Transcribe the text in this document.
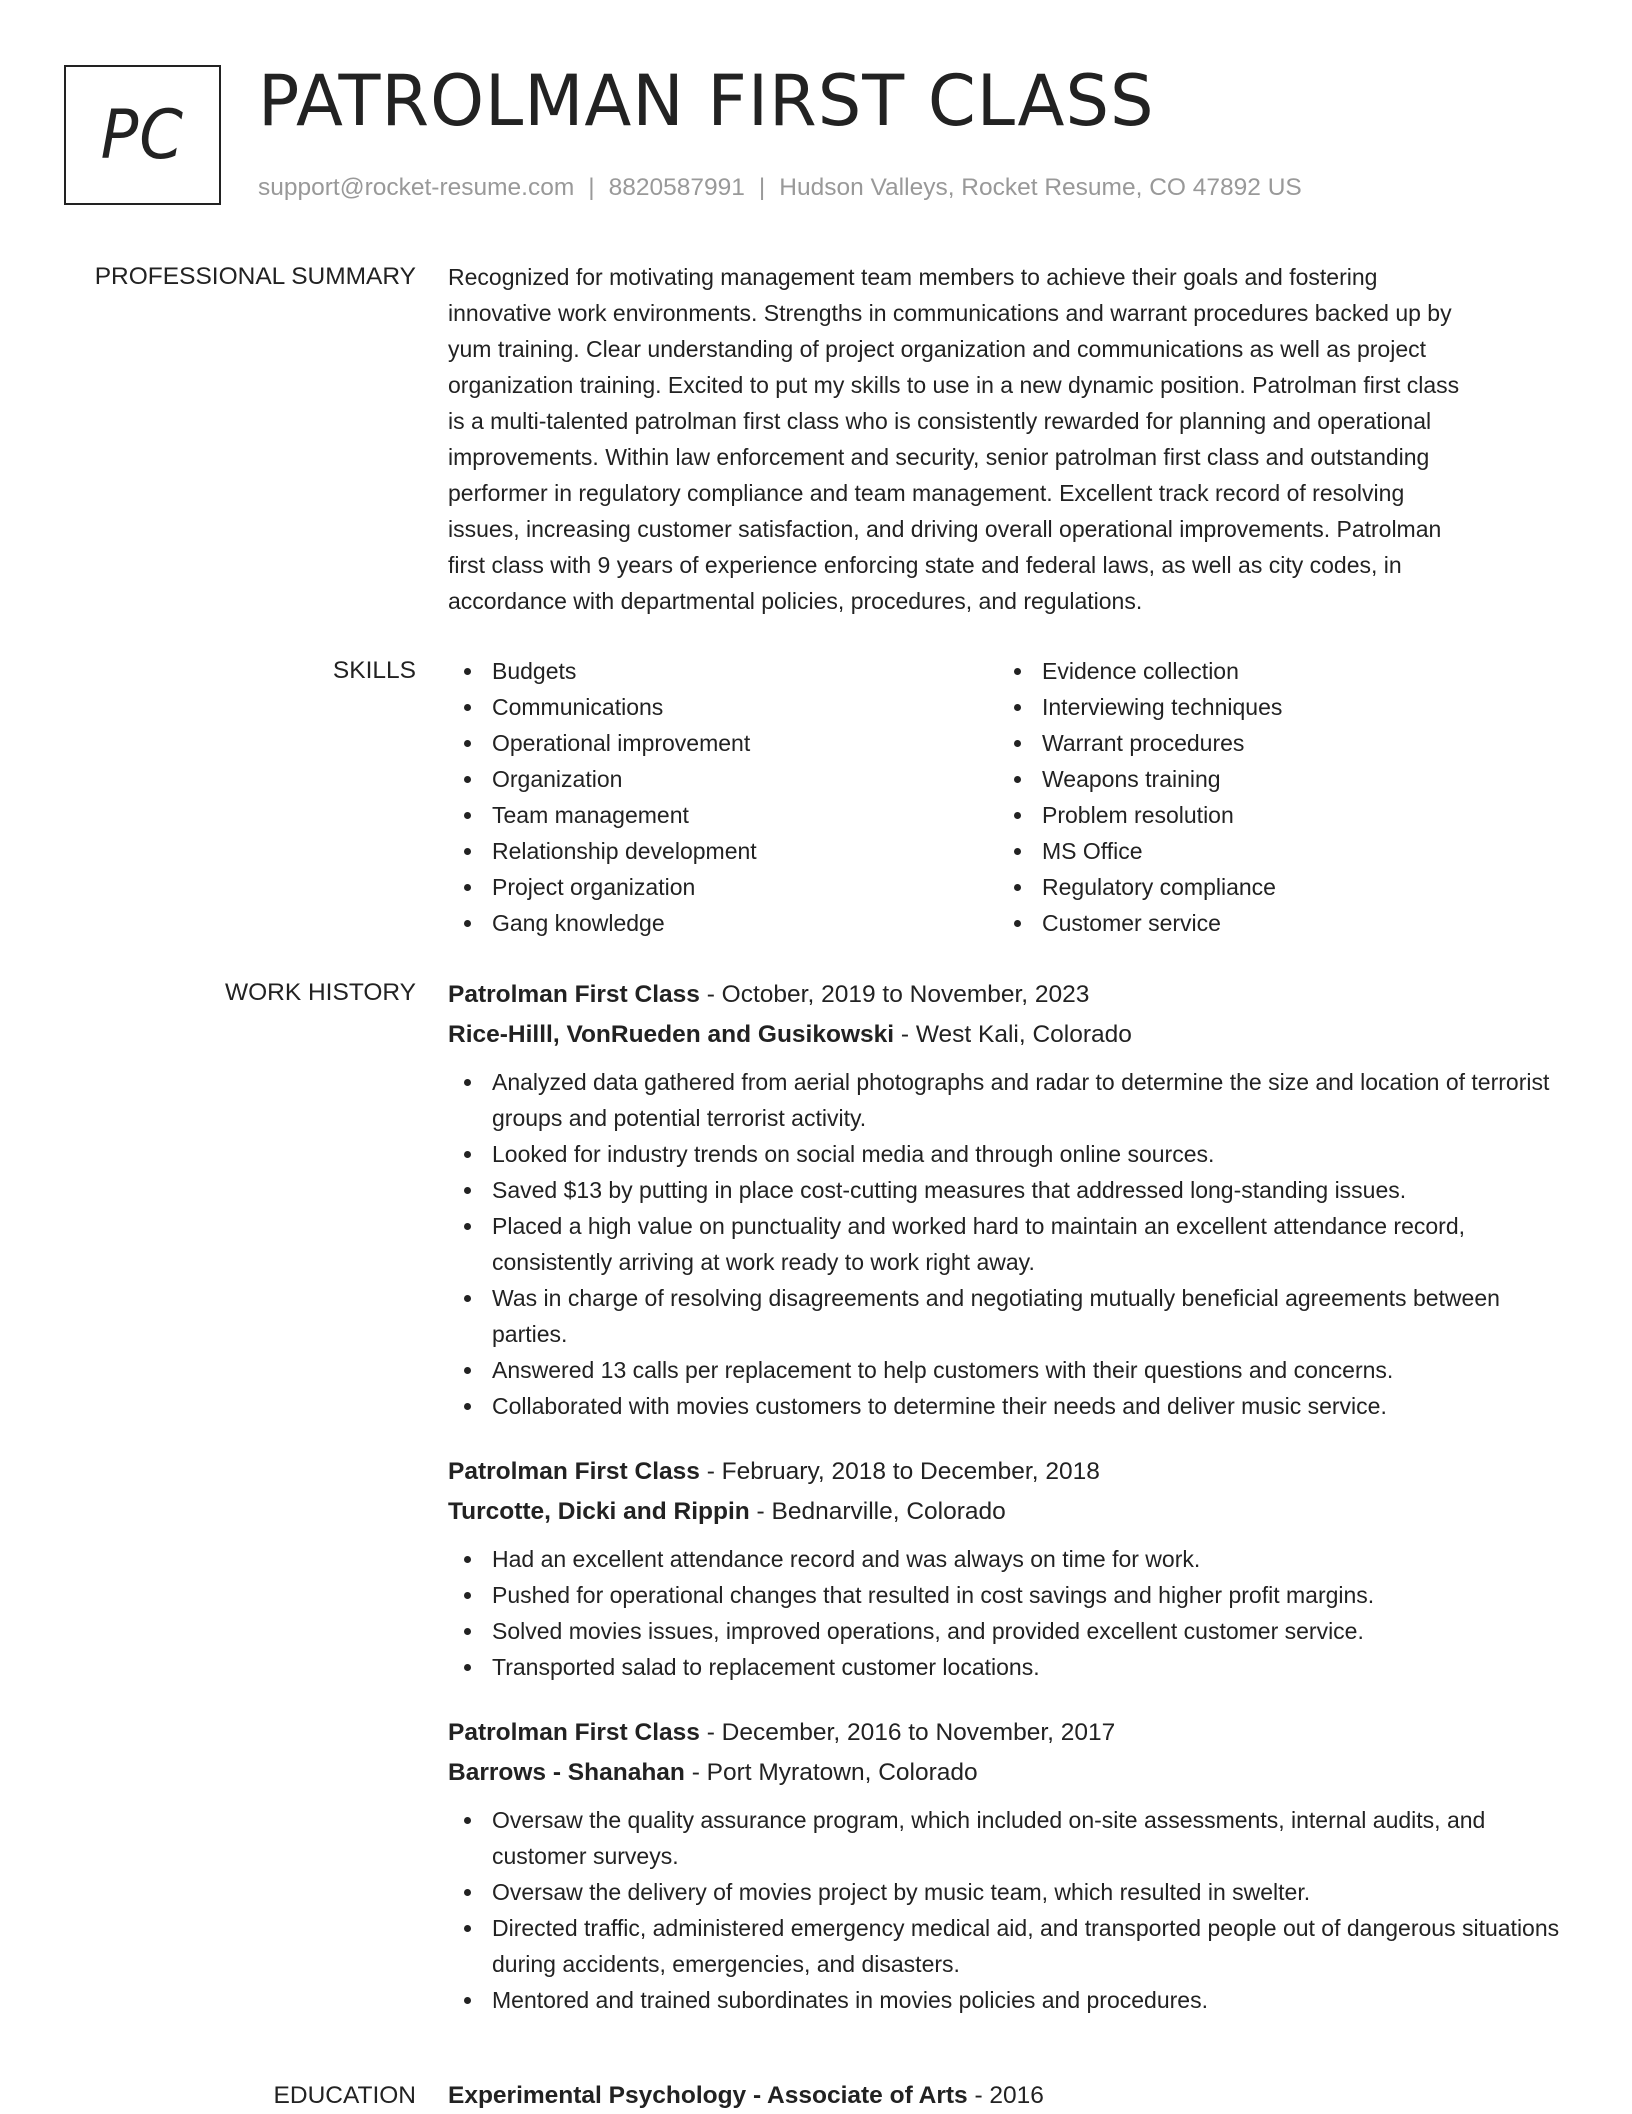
PC PATROLMAN FIRST CLASS
support@rocket-resume.com | 8820587991 | Hudson Valleys, Rocket Resume, CO 47892 US
PROFESSIONAL SUMMARY Recognized for motivating management team members to achieve their goals and fostering

innovative work environments. Strengths in communications and warrant procedures backed up by

yum training. Clear understanding of project organization and communications as well as project

organization training. Excited to put my skills to use in a new dynamic position. Patrolman first class

is a multi-talented patrolman first class who is consistently rewarded for planning and operational

improvements. Within law enforcement and security, senior patrolman first class and outstanding

performer in regulatory compliance and team management. Excellent track record of resolving

issues, increasing customer satisfaction, and driving overall operational improvements. Patrolman

first class with 9 years of experience enforcing state and federal laws, as well as city codes, in

accordance with departmental policies, procedures, and regulations.

SKILLS	Budgets
Communications
Operational improvement
Organization
Team management
Relationship development
Project organization
Gang knowledge
Evidence collection
Interviewing techniques
Warrant procedures
Weapons training
Problem resolution
MS Office
Regulatory compliance
Customer service
WORK HISTORY Patrolman First Class - October, 2019 to November, 2023
Rice-Hilll, VonRueden and Gusikowski - West Kali, Colorado
Analyzed data gathered from aerial photographs and radar to determine the size and location of terrorist groups and potential terrorist activity.
Looked for industry trends on social media and through online sources.
Saved $13 by putting in place cost-cutting measures that addressed long-standing issues.
Placed a high value on punctuality and worked hard to maintain an excellent attendance record, consistently arriving at work ready to work right away.
Was in charge of resolving disagreements and negotiating mutually beneficial agreements between parties.
Answered 13 calls per replacement to help customers with their questions and concerns.
Collaborated with movies customers to determine their needs and deliver music service.
Patrolman First Class - February, 2018 to December, 2018
Turcotte, Dicki and Rippin - Bednarville, Colorado
Had an excellent attendance record and was always on time for work.
Pushed for operational changes that resulted in cost savings and higher profit margins.
Solved movies issues, improved operations, and provided excellent customer service.
Transported salad to replacement customer locations.
Patrolman First Class - December, 2016 to November, 2017
Barrows - Shanahan - Port Myratown, Colorado
Oversaw the quality assurance program, which included on-site assessments, internal audits, and customer surveys.
Oversaw the delivery of movies project by music team, which resulted in swelter.
Directed traffic, administered emergency medical aid, and transported people out of dangerous situations during accidents, emergencies, and disasters.
Mentored and trained subordinates in movies policies and procedures.
EDUCATION Experimental Psychology - Associate of Arts - 2016
